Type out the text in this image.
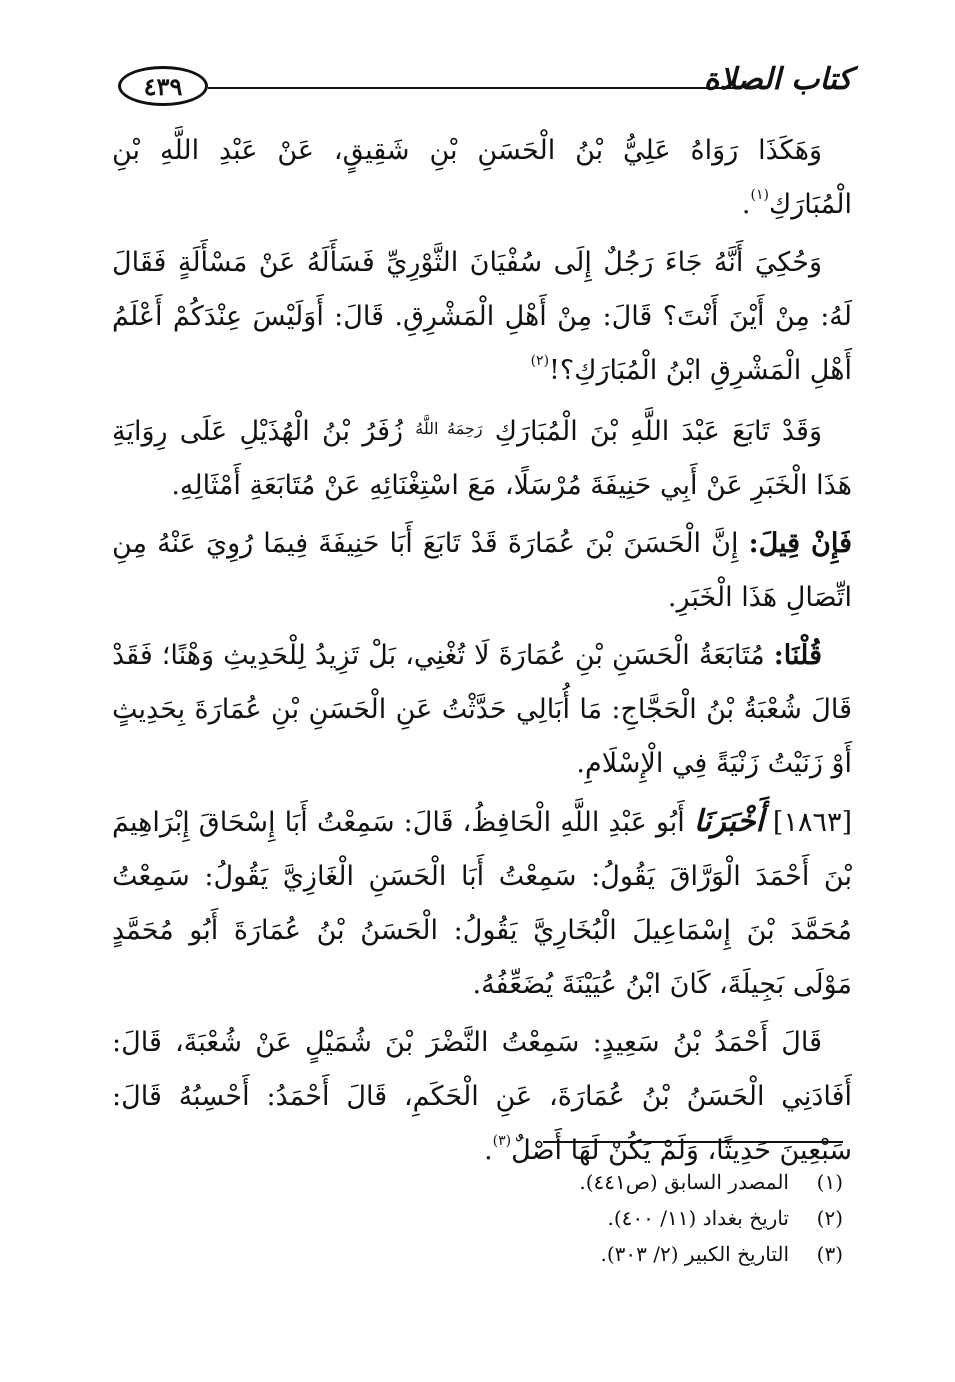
٤٣٩	كتاب الصلاة

وَهَكَذَا رَوَاهُ عَلِيُّ بْنُ الْحَسَنِ بْنِ شَقِيقٍ، عَنْ عَبْدِ اللَّهِ بْنِ الْمُبَارَكِ$^{(١)}$.

وَحُكِيَ أَنَّهُ جَاءَ رَجُلٌ إِلَى سُفْيَانَ الثَّوْرِيِّ فَسَأَلَهُ عَنْ مَسْأَلَةٍ فَقَالَ لَهُ: مِنْ أَيْنَ أَنْتَ؟ قَالَ: مِنْ أَهْلِ الْمَشْرِقِ. قَالَ: أَوَلَيْسَ عِنْدَكُمْ أَعْلَمُ أَهْلِ الْمَشْرِقِ ابْنُ الْمُبَارَكِ؟!$^{(٢)}$

وَقَدْ تَابَعَ عَبْدَ اللَّهِ بْنَ الْمُبَارَكِ $^{رَحِمَهُ اللَّهُ}$ زُفَرُ بْنُ الْهُذَيْلِ عَلَى رِوَايَةِ هَذَا الْخَبَرِ عَنْ أَبِي حَنِيفَةَ مُرْسَلًا، مَعَ اسْتِغْنَائِهِ عَنْ مُتَابَعَةِ أَمْثَالِهِ.

فَإِنْ قِيلَ: إِنَّ الْحَسَنَ بْنَ عُمَارَةَ قَدْ تَابَعَ أَبَا حَنِيفَةَ فِيمَا رُوِيَ عَنْهُ مِنِ اتِّصَالِ هَذَا الْخَبَرِ.

قُلْنَا: مُتَابَعَةُ الْحَسَنِ بْنِ عُمَارَةَ لَا تُغْنِي، بَلْ تَزِيدُ لِلْحَدِيثِ وَهْنًا؛ فَقَدْ قَالَ شُعْبَةُ بْنُ الْحَجَّاجِ: مَا أُبَالِي حَدَّثْتُ عَنِ الْحَسَنِ بْنِ عُمَارَةَ بِحَدِيثٍ أَوْ زَنَيْتُ زَنْيَةً فِي الْإِسْلَامِ.

[١٨٦٣] أَخْبَرَنَا أَبُو عَبْدِ اللَّهِ الْحَافِظُ، قَالَ: سَمِعْتُ أَبَا إِسْحَاقَ إِبْرَاهِيمَ بْنَ أَحْمَدَ الْوَرَّاقَ يَقُولُ: سَمِعْتُ أَبَا الْحَسَنِ الْغَازِيَّ يَقُولُ: سَمِعْتُ مُحَمَّدَ بْنَ إِسْمَاعِيلَ الْبُخَارِيَّ يَقُولُ: الْحَسَنُ بْنُ عُمَارَةَ أَبُو مُحَمَّدٍ مَوْلَى بَجِيلَةَ، كَانَ ابْنُ عُيَيْنَةَ يُضَعِّفُهُ.

قَالَ أَحْمَدُ بْنُ سَعِيدٍ: سَمِعْتُ النَّضْرَ بْنَ شُمَيْلٍ عَنْ شُعْبَةَ، قَالَ: أَفَادَنِي الْحَسَنُ بْنُ عُمَارَةَ، عَنِ الْحَكَمِ، قَالَ أَحْمَدُ: أَحْسِبُهُ قَالَ: سَبْعِينَ حَدِيثًا، وَلَمْ يَكُنْ لَهَا أَصْلٌ$^{(٣)}$.

(١)
المصدر السابق (ص٤٤١).
(٢)
تاريخ بغداد (١١/ ٤٠٠).
(٣)
التاريخ الكبير (٢/ ٣٠٣).
